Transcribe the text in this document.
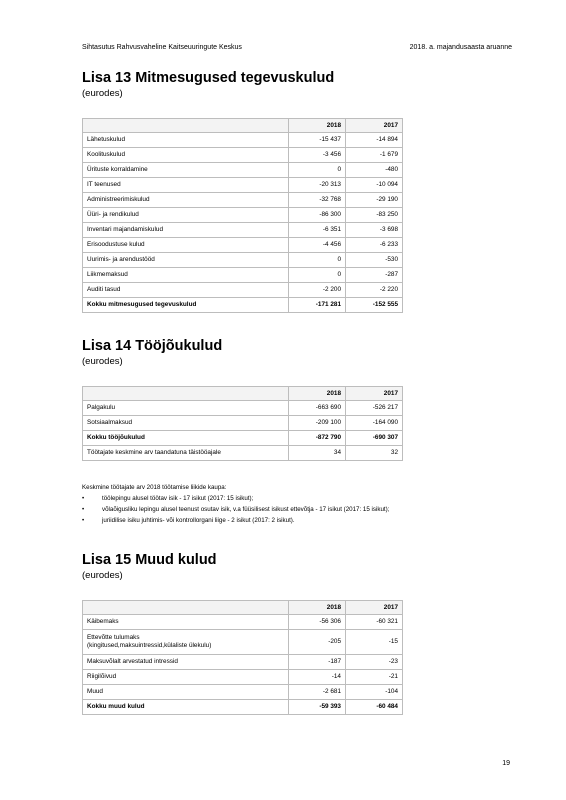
Sihtasutus Rahvusvaheline Kaitseuuringute Keskus	2018. a. majandusaasta aruanne
Lisa 13 Mitmesugused tegevuskulud
(eurodes)
	2018	2017
Lähetuskulud	-15 437	-14 894
Koolituskulud	-3 456	-1 679
Ürituste korraldamine	0	-480
IT teenused	-20 313	-10 094
Administreerimiskulud	-32 768	-29 190
Üüri- ja rendikulud	-86 300	-83 250
Inventari majandamiskulud	-6 351	-3 698
Erisoodustuse kulud	-4 456	-6 233
Uurimis- ja arendustööd	0	-530
Liikmemaksud	0	-287
Auditi tasud	-2 200	-2 220
Kokku mitmesugused tegevuskulud	-171 281	-152 555
Lisa 14 Tööjõukulud
(eurodes)
	2018	2017
Palgakulu	-663 690	-526 217
Sotsiaalmaksud	-209 100	-164 090
Kokku tööjõukulud	-872 790	-690 307
Töötajate keskmine arv taandatuna täistööajale	34	32
Keskmine töötajate arv 2018 töötamise liikide kaupa:
•	töölepingu alusel töötav isik - 17 isikut (2017: 15 isikut);
•	võlaõigusliku lepingu alusel teenust osutav isik, v.a füüsilisest isikust ettevõtja - 17 isikut (2017: 15 isikut);
•	juriidilise isiku juhtimis- või kontrollorgani liige - 2 isikut (2017: 2 isikut).
Lisa 15 Muud kulud
(eurodes)
	2018	2017
Käibemaks	-56 306	-60 321

Ettevõtte tulumaks
(kingitused,maksuintressid,külaliste ülekulu)	-205	-15
Maksuvõlalt arvestatud intressid	-187	-23
Riigilõivud	-14	-21
Muud	-2 681	-104
Kokku muud kulud	-59 393	-60 484
19
